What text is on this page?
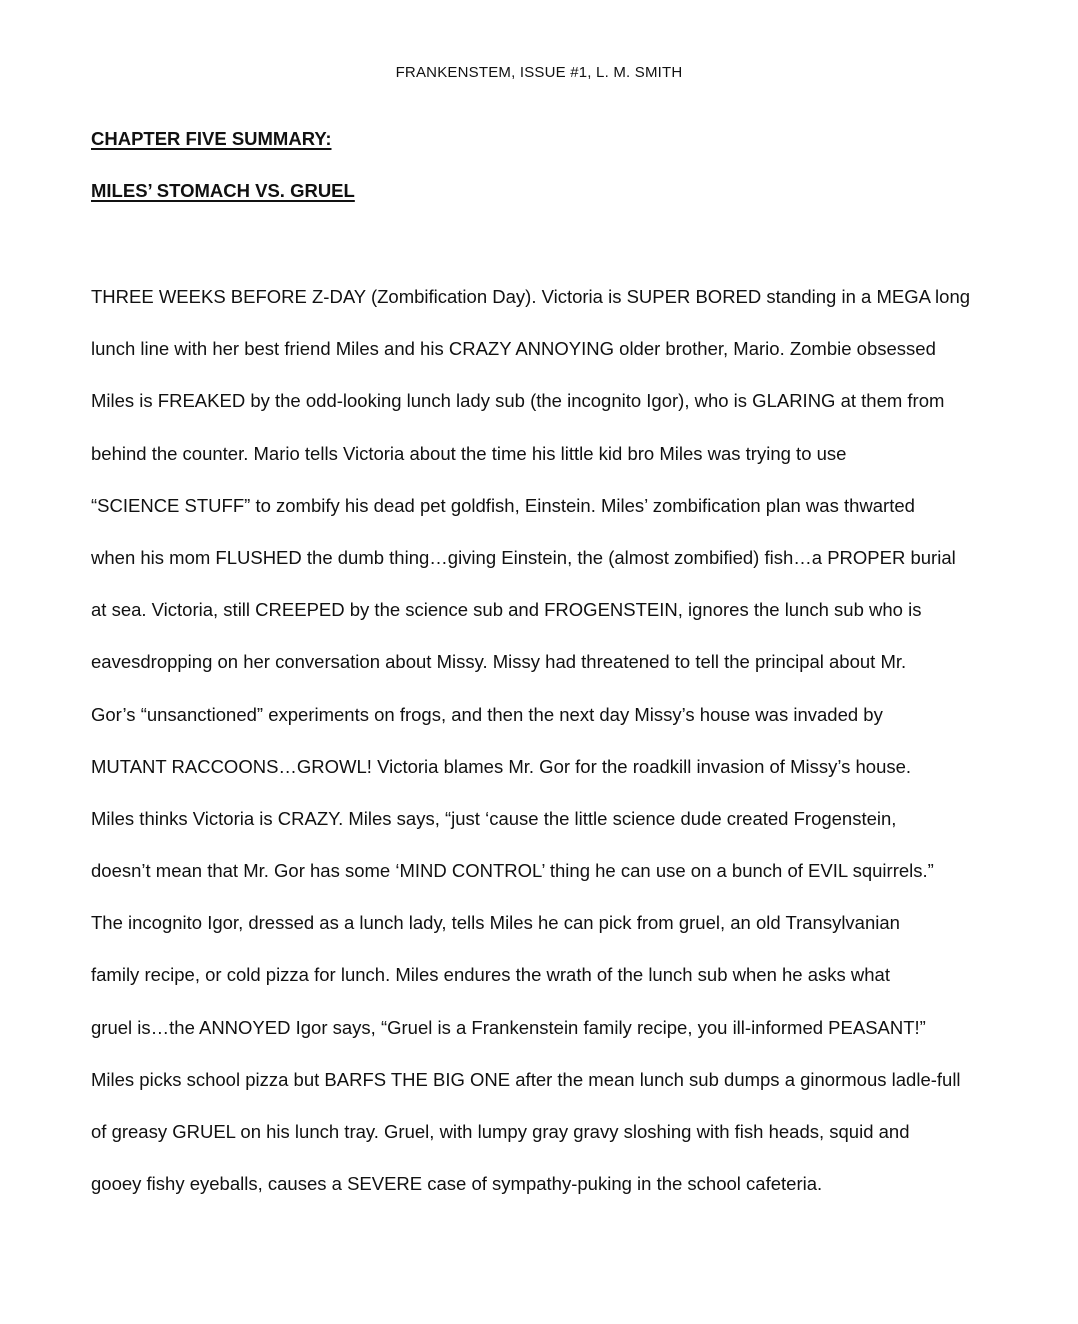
FRANKENSTEM, ISSUE #1, L. M. SMITH
CHAPTER FIVE SUMMARY:
MILES’ STOMACH VS. GRUEL
THREE WEEKS BEFORE Z-DAY (Zombification Day). Victoria is SUPER BORED standing in a MEGA long
lunch line with her best friend Miles and his CRAZY ANNOYING older brother, Mario. Zombie obsessed
Miles is FREAKED by the odd-looking lunch lady sub (the incognito Igor), who is GLARING at them from
behind the counter. Mario tells Victoria about the time his little kid bro Miles was trying to use
“SCIENCE STUFF” to zombify his dead pet goldfish, Einstein. Miles’ zombification plan was thwarted
when his mom FLUSHED the dumb thing…giving Einstein, the (almost zombified) fish…a PROPER burial
at sea. Victoria, still CREEPED by the science sub and FROGENSTEIN, ignores the lunch sub who is
eavesdropping on her conversation about Missy. Missy had threatened to tell the principal about Mr.
Gor’s “unsanctioned” experiments on frogs, and then the next day Missy’s house was invaded by
MUTANT RACCOONS…GROWL! Victoria blames Mr. Gor for the roadkill invasion of Missy’s house.
Miles thinks Victoria is CRAZY. Miles says, “just ‘cause the little science dude created Frogenstein,
doesn’t mean that Mr. Gor has some ‘MIND CONTROL’ thing he can use on a bunch of EVIL squirrels.”
The incognito Igor, dressed as a lunch lady, tells Miles he can pick from gruel, an old Transylvanian
family recipe, or cold pizza for lunch. Miles endures the wrath of the lunch sub when he asks what
gruel is…the ANNOYED Igor says, “Gruel is a Frankenstein family recipe, you ill-informed PEASANT!”
Miles picks school pizza but BARFS THE BIG ONE after the mean lunch sub dumps a ginormous ladle-full
of greasy GRUEL on his lunch tray. Gruel, with lumpy gray gravy sloshing with fish heads, squid and
gooey fishy eyeballs, causes a SEVERE case of sympathy-puking in the school cafeteria.
